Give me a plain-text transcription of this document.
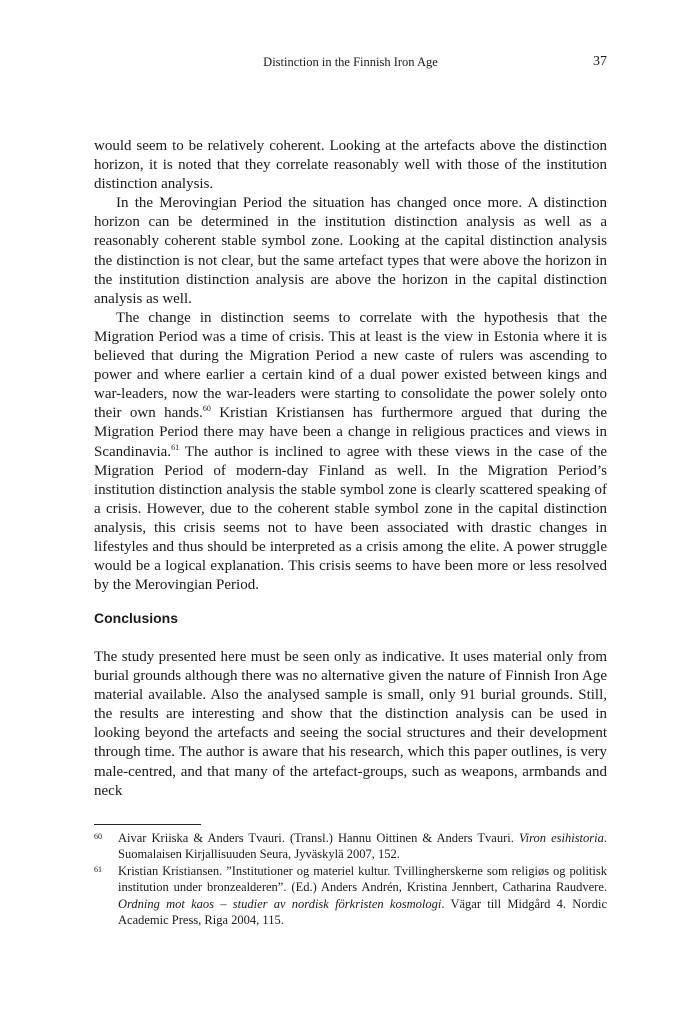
Distinction in the Finnish Iron Age	37

would seem to be relatively coherent. Looking at the artefacts above the distinction horizon, it is noted that they correlate reasonably well with those of the institution distinction analysis.

In the Merovingian Period the situation has changed once more. A distinction horizon can be determined in the institution distinction analysis as well as a reasonably coherent stable symbol zone. Looking at the capital distinction analysis the distinction is not clear, but the same artefact types that were above the horizon in the institution distinction analysis are above the horizon in the capital distinction analysis as well.

The change in distinction seems to correlate with the hypothesis that the Migration Period was a time of crisis. This at least is the view in Estonia where it is believed that during the Migration Period a new caste of rulers was ascending to power and where earlier a certain kind of a dual power existed between kings and war-leaders, now the war-leaders were starting to consolidate the power solely onto their own hands.$^{60}$ Kristian Kristiansen has furthermore argued that during the Migration Period there may have been a change in religious practices and views in Scandinavia.$^{61}$ The author is inclined to agree with these views in the case of the Migration Period of modern-day Finland as well. In the Migration Period’s institution distinction analysis the stable symbol zone is clearly scattered speaking of a crisis. However, due to the coherent stable symbol zone in the capital distinction analysis, this crisis seems not to have been associated with drastic changes in lifestyles and thus should be interpreted as a crisis among the elite. A power struggle would be a logical explanation. This crisis seems to have been more or less resolved by the Merovingian Period.

Conclusions

The study presented here must be seen only as indicative. It uses material only from burial grounds although there was no alternative given the nature of Finnish Iron Age material available. Also the analysed sample is small, only 91 burial grounds. Still, the results are interesting and show that the distinction analysis can be used in looking beyond the artefacts and seeing the social structures and their development through time. The author is aware that his research, which this paper outlines, is very male-centred, and that many of the artefact-groups, such as weapons, armbands and neck

60 Aivar Kriiska & Anders Tvauri. (Transl.) Hannu Oittinen & Anders Tvauri. Viron esihistoria. Suomalaisen Kirjallisuuden Seura, Jyväskylä 2007, 152.
61 Kristian Kristiansen. ”Institutioner og materiel kultur. Tvillingherskerne som religiøs og politisk institution under bronzealderen”. (Ed.) Anders Andrén, Kristina Jennbert, Catharina Raudvere. Ordning mot kaos – studier av nordisk förkristen kosmologi. Vägar till Midgård 4. Nordic Academic Press, Riga 2004, 115.
